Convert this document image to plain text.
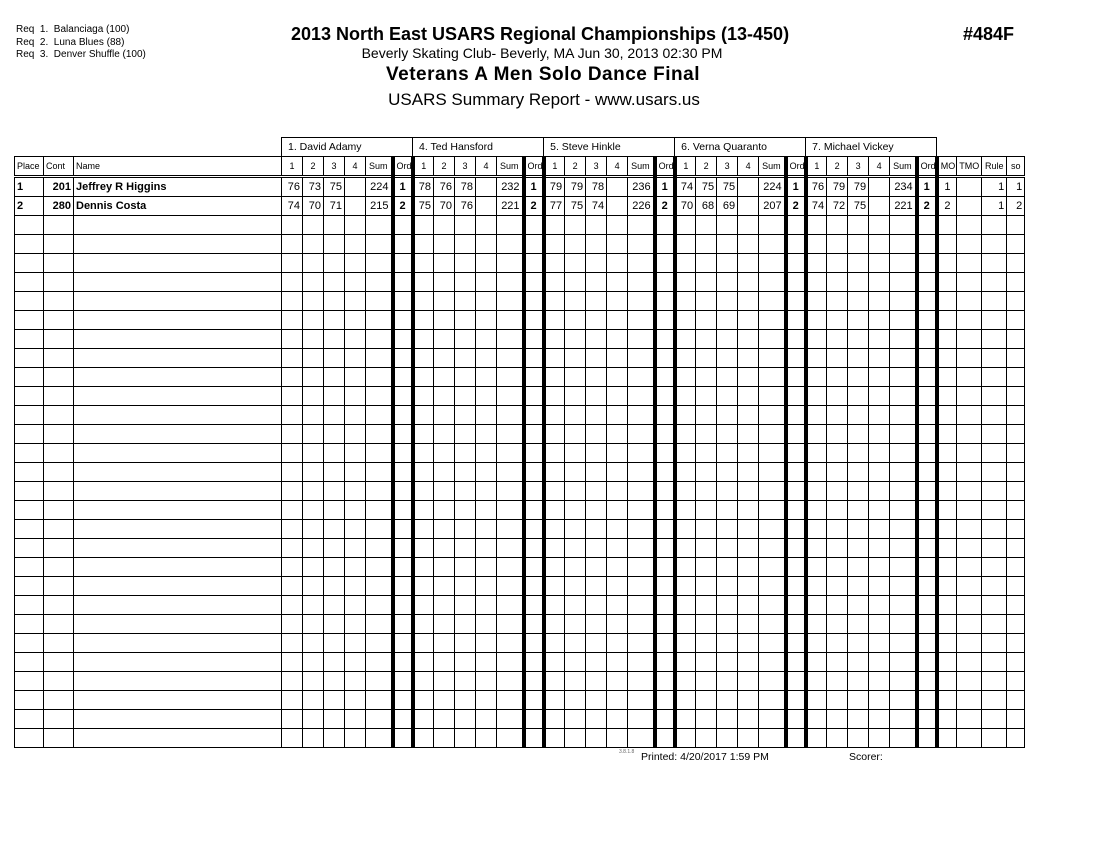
Req  1.  Balanciaga (100)
Req  2.  Luna Blues (88)
Req  3.  Denver Shuffle (100)
2013 North East USARS Regional Championships (13-450)
Beverly Skating Club- Beverly, MA Jun 30, 2013 02:30 PM
Veterans A Men Solo Dance Final
USARS Summary Report - www.usars.us
#484F
			1. David Adamy						4. Ted Hansford						5. Steve Hinkle						6. Verna Quaranto						7. Michael Vickey									
Place	Cont	Name	1	2	3	4	Sum	Ord	1	2	3	4	Sum	Ord	1	2	3	4	Sum	Ord	1	2	3	4	Sum	Ord	1	2	3	4	Sum	Ord	MO	TMO	Rule	so
1	201	Jeffrey R Higgins	76	73	75		224	1	78	76	78		232	1	79	79	78		236	1	74	75	75		224	1	76	79	79		234	1	1		1	1
2	280	Dennis Costa	74	70	71		215	2	75	70	76		221	2	77	75	74		226	2	70	68	69		207	2	74	72	75		221	2	2		1	2

3.8.1.8 Printed: 4/20/2017 1:59 PM	Scorer:
